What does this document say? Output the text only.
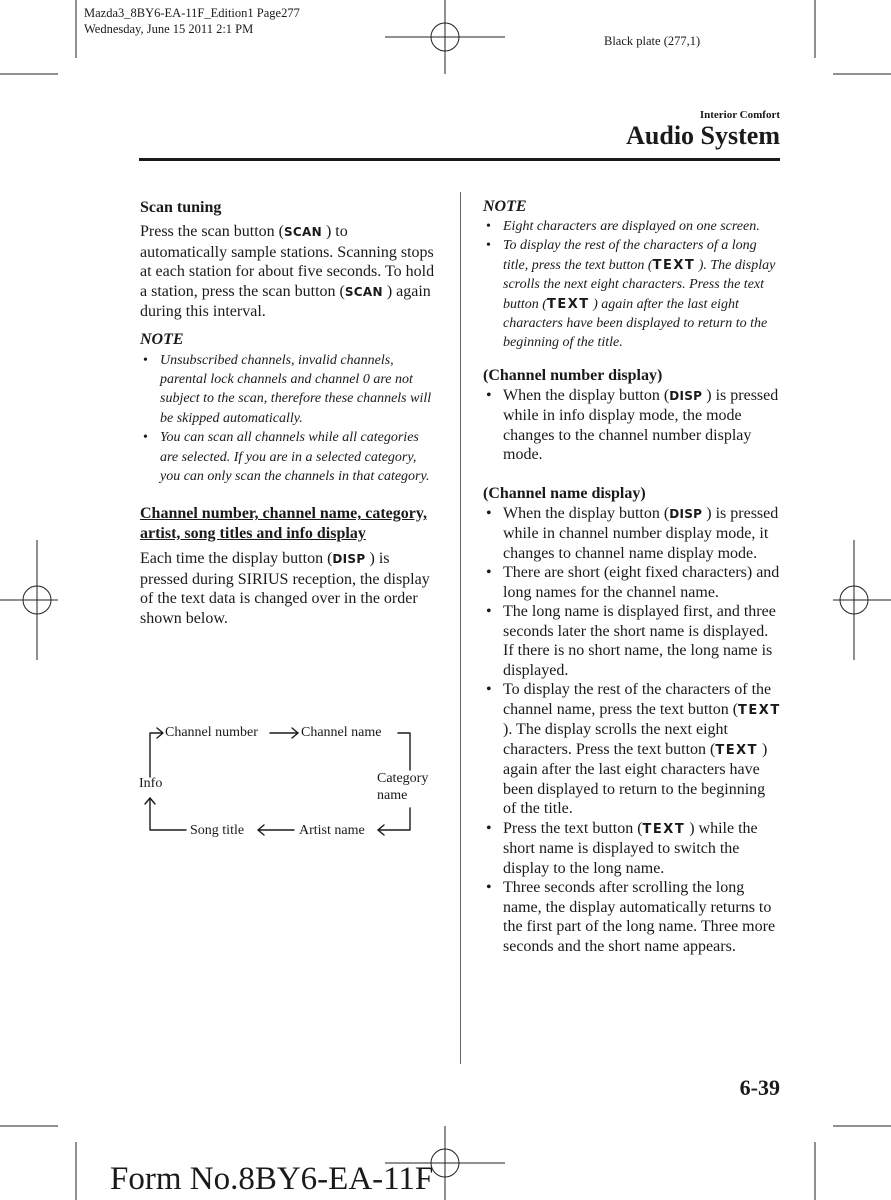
Mazda3_8BY6-EA-11F_Edition1 Page277
Wednesday, June 15 2011 2:1 PM
Black plate (277,1)
Interior Comfort
Audio System
Scan tuning

Press the scan button (SCAN ) to automatically sample stations. Scanning stops at each station for about five seconds. To hold a station, press the scan button (SCAN ) again during this interval.

NOTE
• Unsubscribed channels, invalid channels, parental lock channels and channel 0 are not subject to the scan, therefore these channels will be skipped automatically.
• You can scan all channels while all categories are selected. If you are in a selected category, you can only scan the channels in that category.
Channel number, channel name, category, artist, song titles and info display

Each time the display button (DISP ) is pressed during SIRIUS reception, the display of the text data is changed over in the order shown below.

Channel number	Channel name
Info	Category
name
Song title	Artist name
NOTE
• Eight characters are displayed on one screen.
• To display the rest of the characters of a long title, press the text button (TEXT ). The display scrolls the next eight characters. Press the text button (TEXT ) again after the last eight characters have been displayed to return to the beginning of the title.
(Channel number display)
• When the display button (DISP ) is pressed while in info display mode, the mode changes to the channel number display mode.
(Channel name display)
• When the display button (DISP ) is pressed while in channel number display mode, it changes to channel name display mode.
• There are short (eight fixed characters) and long names for the channel name.
• The long name is displayed first, and three seconds later the short name is displayed. If there is no short name, the long name is displayed.
• To display the rest of the characters of the channel name, press the text button (TEXT ). The display scrolls the next eight characters. Press the text button (TEXT ) again after the last eight characters have been displayed to return to the beginning of the title.
• Press the text button (TEXT ) while the short name is displayed to switch the display to the long name.
• Three seconds after scrolling the long name, the display automatically returns to the first part of the long name. Three more seconds and the short name appears.
6-39
Form No.8BY6-EA-11F
